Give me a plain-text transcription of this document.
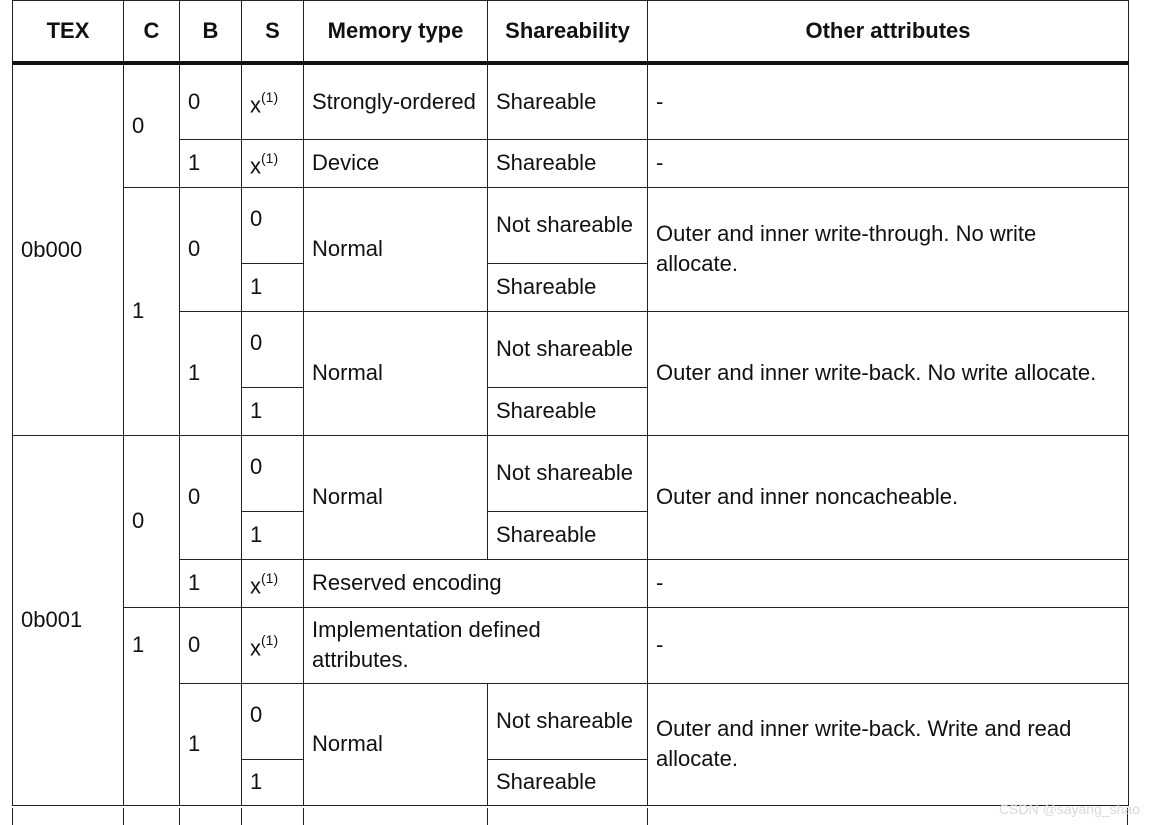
TEX	C	B	S	Memory type	Shareability	Other attributes
0b000	0	0	$x^{(1)}$	Strongly-ordered	Shareable	-
		1	$x^{(1)}$	Device	Shareable	-
	1	0	0	Normal	Not shareable	Outer and inner write-through. No write allocate.
			1		Shareable	
		1	0	Normal	Not shareable	Outer and inner write-back. No write allocate.
			1		Shareable	

0b001	0	0	0	Normal	Not shareable	Outer and inner noncacheable.
			1		Shareable	
		1	$x^{(1)}$	Reserved encoding		-
	1	0	$x^{(1)}$	Implementation defined attributes.		-
		1	0	Normal	Not shareable	Outer and inner write-back. Write and read allocate.
			1		Shareable	
CSDN @sayang_shao
